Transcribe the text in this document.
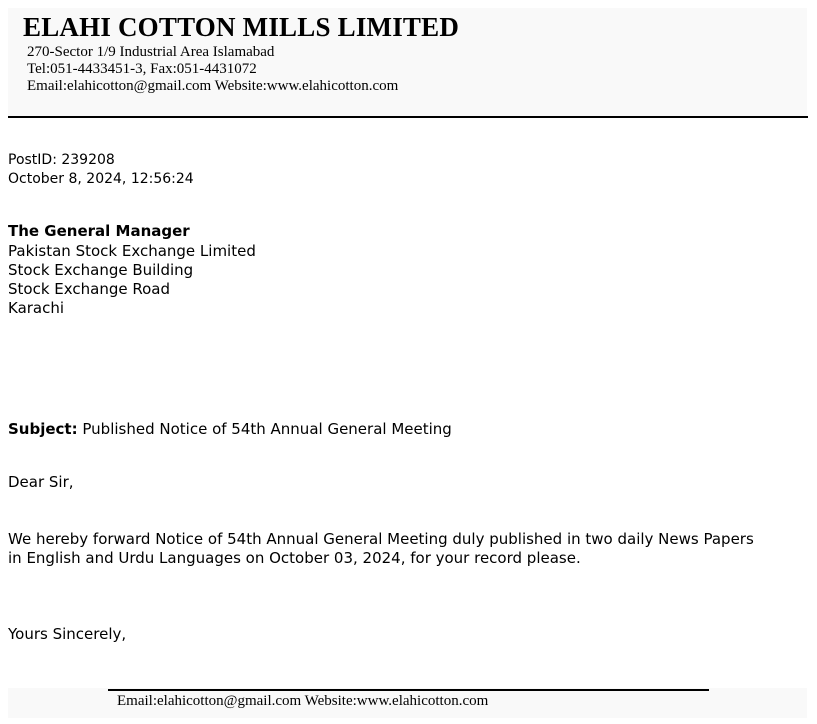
ELAHI COTTON MILLS LIMITED
270-Sector 1/9 Industrial Area Islamabad
Tel:051-4433451-3, Fax:051-4431072
Email:elahicotton@gmail.com Website:www.elahicotton.com
PostID: 239208
October 8, 2024, 12:56:24
The General Manager
Pakistan Stock Exchange Limited
Stock Exchange Building
Stock Exchange Road
Karachi
Subject: Published Notice of 54th Annual General Meeting
Dear Sir,
We hereby forward Notice of 54th Annual General Meeting duly published in two daily News Papers
in English and Urdu Languages on October 03, 2024, for your record please.
Yours Sincerely,
Email:elahicotton@gmail.com Website:www.elahicotton.com
